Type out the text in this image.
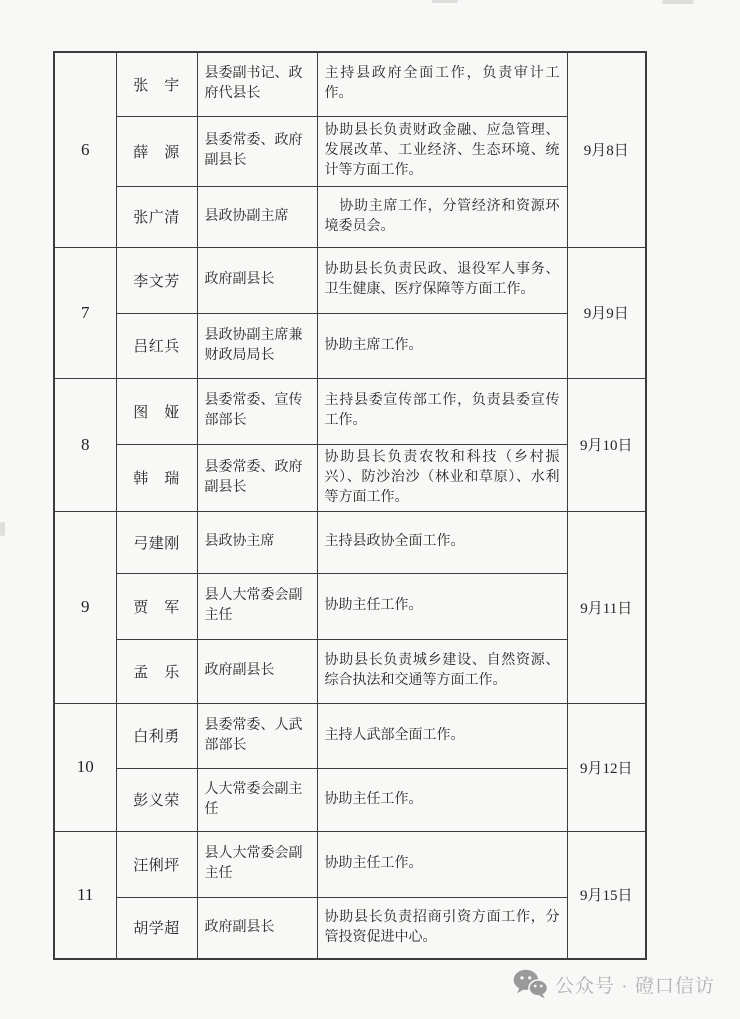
6	张　宇	县委副书记、政府代县长	主持县政府全面工作，负责审计工作。	9月8日
	薛　源	县委常委、政府副县长	协助县长负责财政金融、应急管理、发展改革、工业经济、生态环境、统计等方面工作。	
	张广清	县政协副主席	　协助主席工作，分管经济和资源环境委员会。	
7	李文芳	政府副县长	协助县长负责民政、退役军人事务、卫生健康、医疗保障等方面工作。	9月9日
	吕红兵	县政协副主席兼财政局局长	协助主席工作。	
8	图　娅	县委常委、宣传部部长	主持县委宣传部工作，负责县委宣传工作。	9月10日
	韩　瑞	县委常委、政府副县长	协助县长负责农牧和科技（乡村振兴）、防沙治沙（林业和草原）、水利等方面工作。	
9	弓建刚	县政协主席	主持县政协全面工作。	9月11日
	贾　军	县人大常委会副主任	协助主任工作。	
	孟　乐	政府副县长	协助县长负责城乡建设、自然资源、综合执法和交通等方面工作。	
10	白利勇	县委常委、人武部部长	主持人武部全面工作。	9月12日
	彭义荣	人大常委会副主任	协助主任工作。	
11	汪俐坪	县人大常委会副主任	协助主任工作。	9月15日
	胡学超	政府副县长	协助县长负责招商引资方面工作，分管投资促进中心。	
公众号 · 磴口信访
